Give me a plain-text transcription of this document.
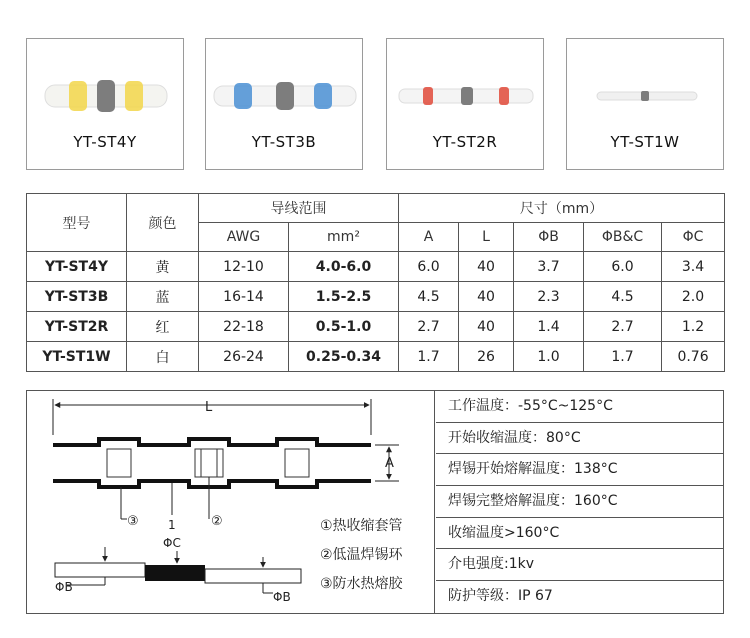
YT-ST4Y	YT-ST3B	YT-ST2R	YT-ST1W
型号	颜色	导线范围		尺寸（mm）				
		AWG	mm²	A	L	ΦB	ΦB&C	ΦC
YT-ST4Y	黄	12-10	4.0-6.0	6.0	40	3.7	6.0	3.4
YT-ST3B	蓝	16-14	1.5-2.5	4.5	40	2.3	4.5	2.0
YT-ST2R	红	22-18	0.5-1.0	2.7	40	1.4	2.7	1.2
YT-ST1W	白	26-24	0.25-0.34	1.7	26	1.0	1.7	0.76
L
A
③ 1	②
ΦC
ΦB
ΦB
①热收缩套管
②低温焊锡环
③防水热熔胶
工作温度：-55°C~125°C
开始收缩温度：80°C
焊锡开始熔解温度：138°C
焊锡完整熔解温度：160°C
收缩温度>160°C
介电强度:1kv
防护等级：IP 67
